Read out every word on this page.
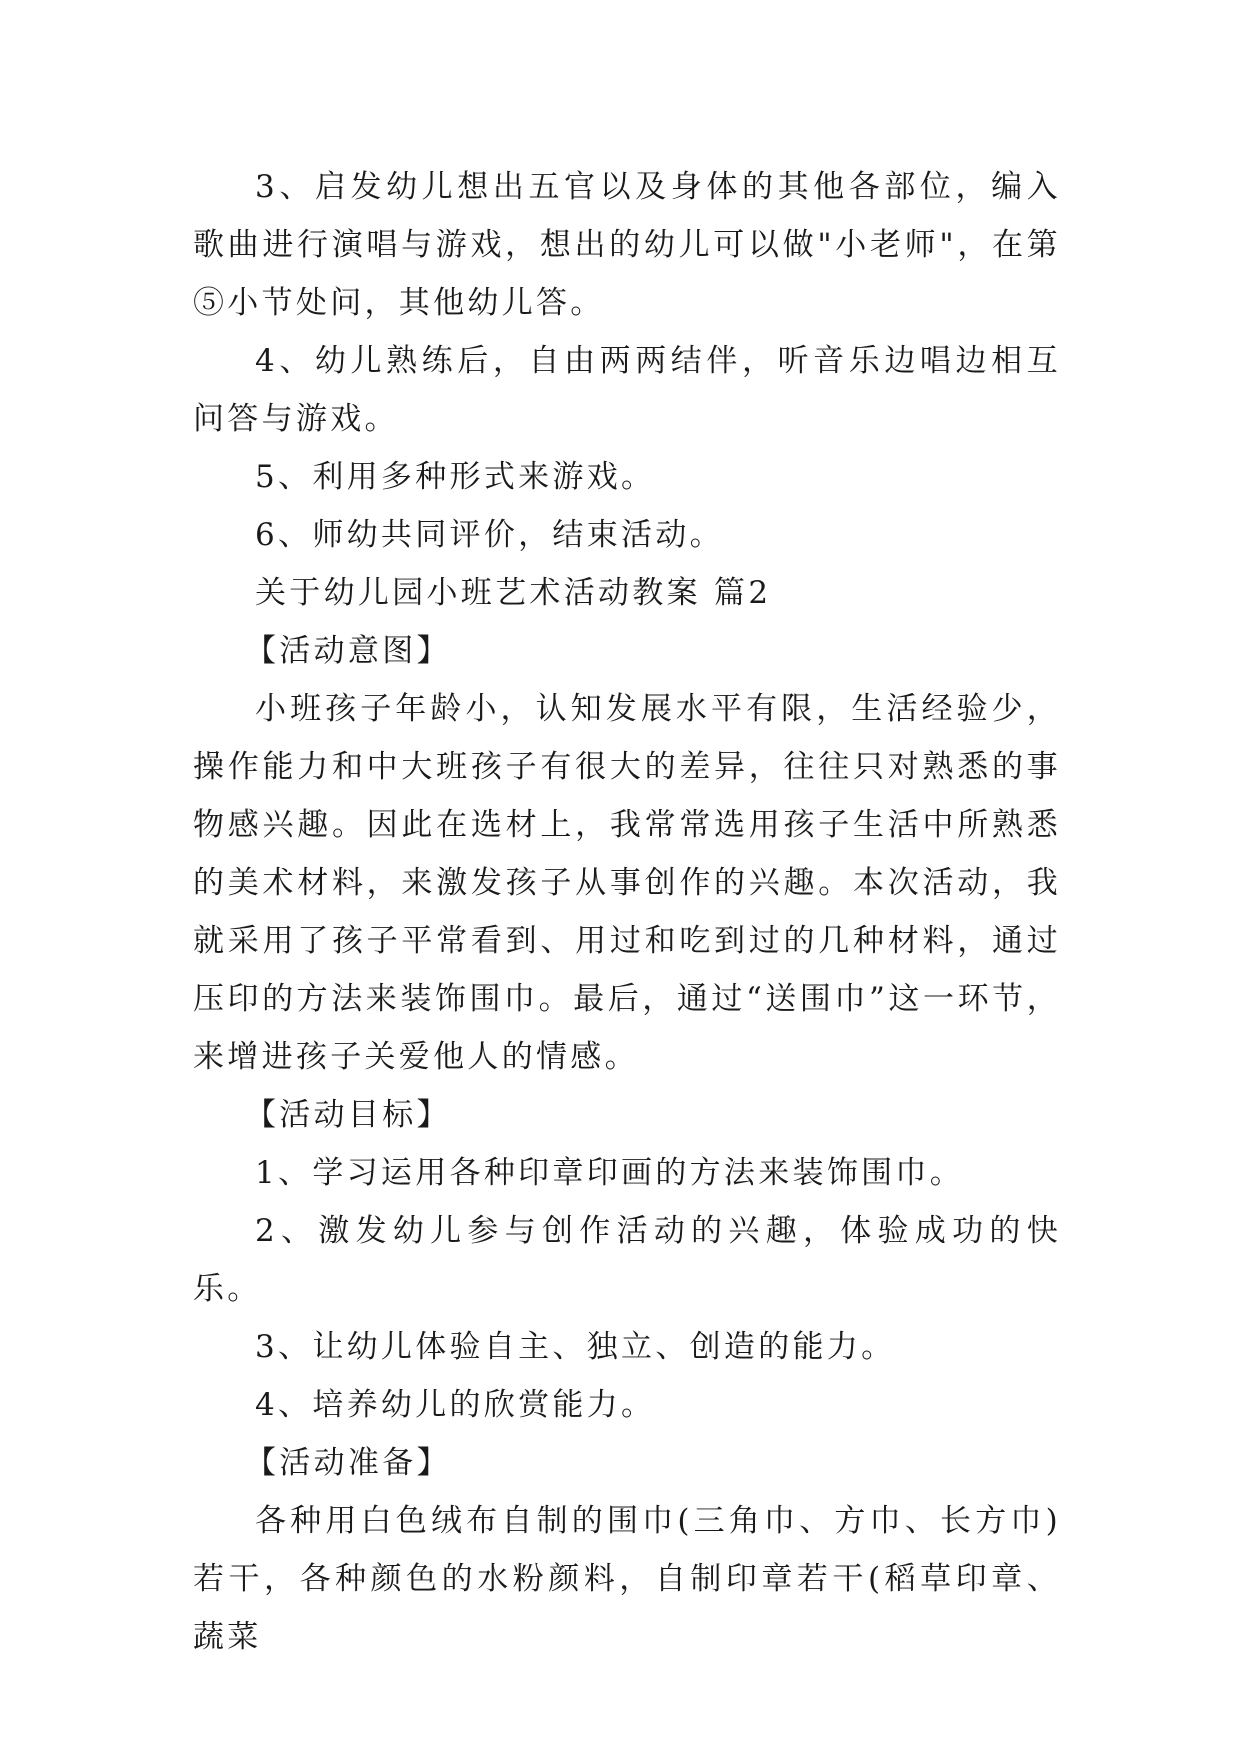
3、启发幼儿想出五官以及身体的其他各部位，编入歌曲进行演唱与游戏，想出的幼儿可以做"小老师"，在第⑤小节处问，其他幼儿答。

4、幼儿熟练后，自由两两结伴，听音乐边唱边相互问答与游戏。

5、利用多种形式来游戏。

6、师幼共同评价，结束活动。

关于幼儿园小班艺术活动教案 篇2

【活动意图】

小班孩子年龄小，认知发展水平有限，生活经验少，操作能力和中大班孩子有很大的差异，往往只对熟悉的事物感兴趣。因此在选材上，我常常选用孩子生活中所熟悉的美术材料，来激发孩子从事创作的兴趣。本次活动，我就采用了孩子平常看到、用过和吃到过的几种材料，通过压印的方法来装饰围巾。最后，通过“送围巾”这一环节，来增进孩子关爱他人的情感。

【活动目标】

1、学习运用各种印章印画的方法来装饰围巾。

2、激发幼儿参与创作活动的兴趣，体验成功的快乐。

3、让幼儿体验自主、独立、创造的能力。

4、培养幼儿的欣赏能力。

【活动准备】

各种用白色绒布自制的围巾(三角巾、方巾、长方巾)若干，各种颜色的水粉颜料，自制印章若干(稻草印章、蔬菜
